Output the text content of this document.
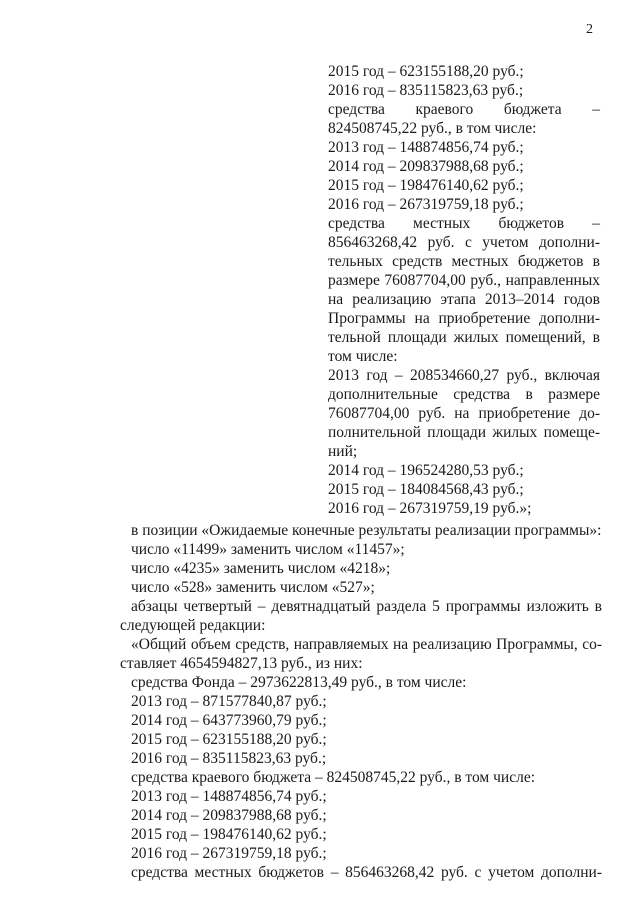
2
2015 год – 623155188,20 руб.;
2016 год – 835115823,63 руб.;
средства краевого бюджета –
824508745,22 руб., в том числе:
2013 год – 148874856,74 руб.;
2014 год – 209837988,68 руб.;
2015 год – 198476140,62 руб.;
2016 год – 267319759,18 руб.;
средства местных бюджетов –
856463268,42 руб. с учетом дополни-
тельных средств местных бюджетов в
размере 76087704,00 руб., направленных
на реализацию этапа 2013–2014 годов
Программы на приобретение дополни-
тельной площади жилых помещений, в
том числе:
2013 год – 208534660,27 руб., включая
дополнительные средства в размере
76087704,00 руб. на приобретение до-
полнительной площади жилых помеще-
ний;
2014 год – 196524280,53 руб.;
2015 год – 184084568,43 руб.;
2016 год – 267319759,19 руб.»;
в позиции «Ожидаемые конечные результаты реализации программы»:
число «11499» заменить числом «11457»;
число «4235» заменить числом «4218»;
число «528» заменить числом «527»;
абзацы четвертый – девятнадцатый раздела 5 программы изложить в
следующей редакции:
«Общий объем средств, направляемых на реализацию Программы, со-
ставляет 4654594827,13 руб., из них:
средства Фонда – 2973622813,49 руб., в том числе:
2013 год – 871577840,87 руб.;
2014 год – 643773960,79 руб.;
2015 год – 623155188,20 руб.;
2016 год – 835115823,63 руб.;
средства краевого бюджета – 824508745,22 руб., в том числе:
2013 год – 148874856,74 руб.;
2014 год – 209837988,68 руб.;
2015 год – 198476140,62 руб.;
2016 год – 267319759,18 руб.;
средства местных бюджетов – 856463268,42 руб. с учетом дополни-
